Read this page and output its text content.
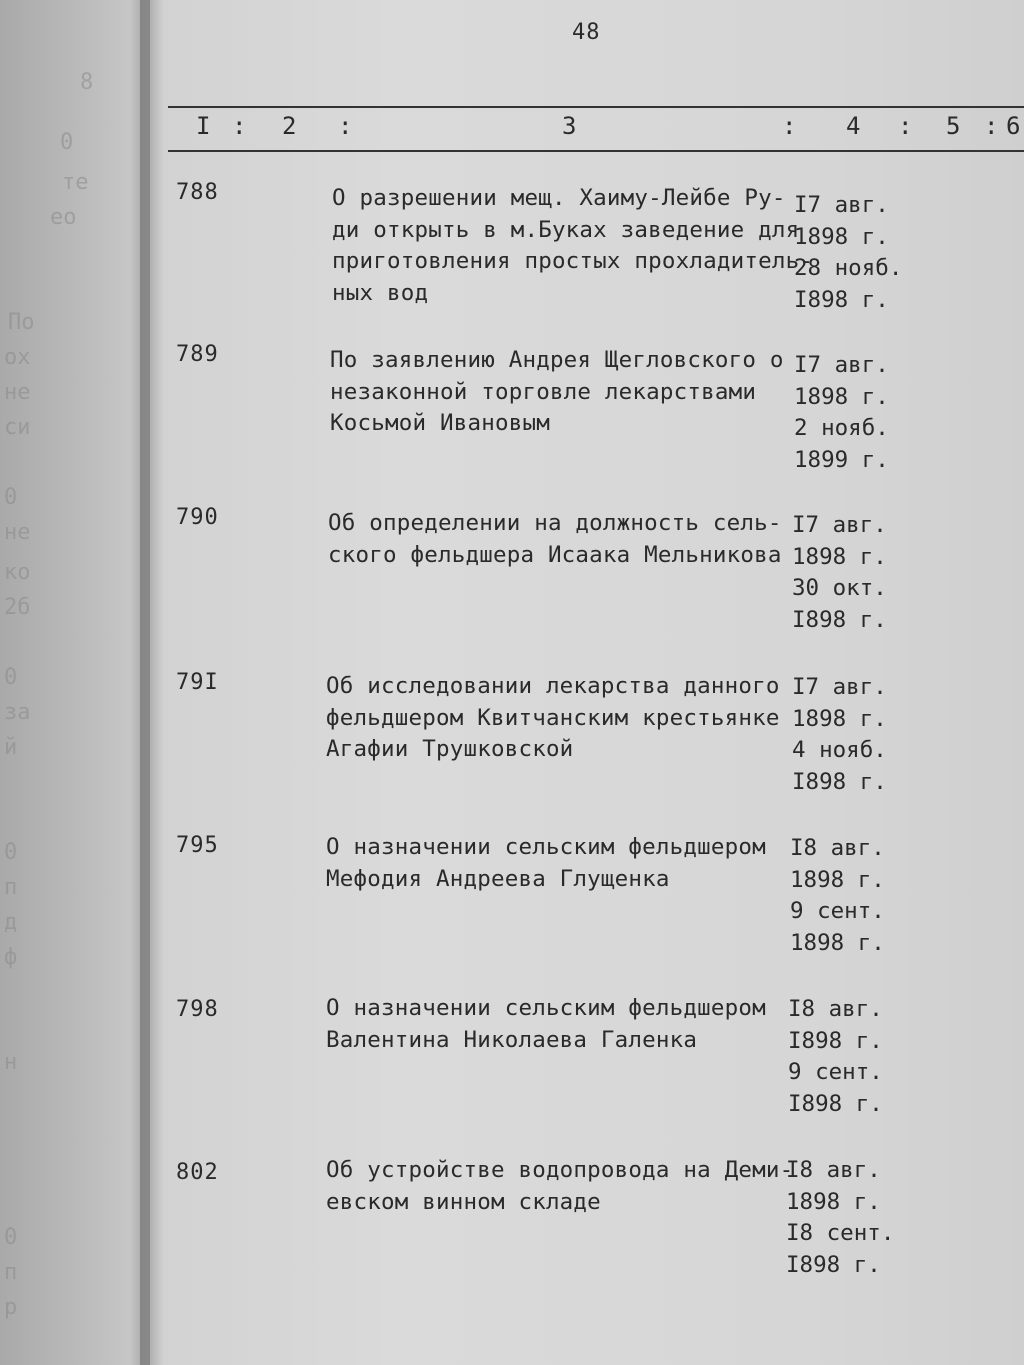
8
0
те
ео
По
ох
не
си
0
не
ко
2б
0
за
й
0
п
д
ф
н
0
п
р
48
I : 2 :	3	: 4 : 5 : 6
788	О разрешении мещ. Хаиму-Лейбе Ру-
ди открыть в м.Буках заведение для
приготовления простых прохладитель-
ных вод
I7 авг.
1898 г.
28 нояб.
I898 г.
789	По заявлению Андрея Щегловского о
незаконной торговле лекарствами
Косьмой Ивановым
I7 авг.
1898 г.
2 нояб.
1899 г.
790	Об определении на должность сель-
ского фельдшера Исаака Мельникова
I7 авг.
1898 г.
30 окт.
I898 г.
79I	Об исследовании лекарства данного
фельдшером Квитчанским крестьянке
Агафии Трушковской
I7 авг.
1898 г.
4 нояб.
I898 г.
795	О назначении сельским фельдшером
Мефодия Андреева Глущенка
I8 авг.
1898 г.
9 сент.
1898 г.
798	О назначении сельским фельдшером
Валентина Николаева Галенка
I8 авг.
I898 г.
9 сент.
I898 г.
802	Об устройстве водопровода на Деми-
евском винном складе
I8 авг.
1898 г.
I8 сент.
I898 г.
